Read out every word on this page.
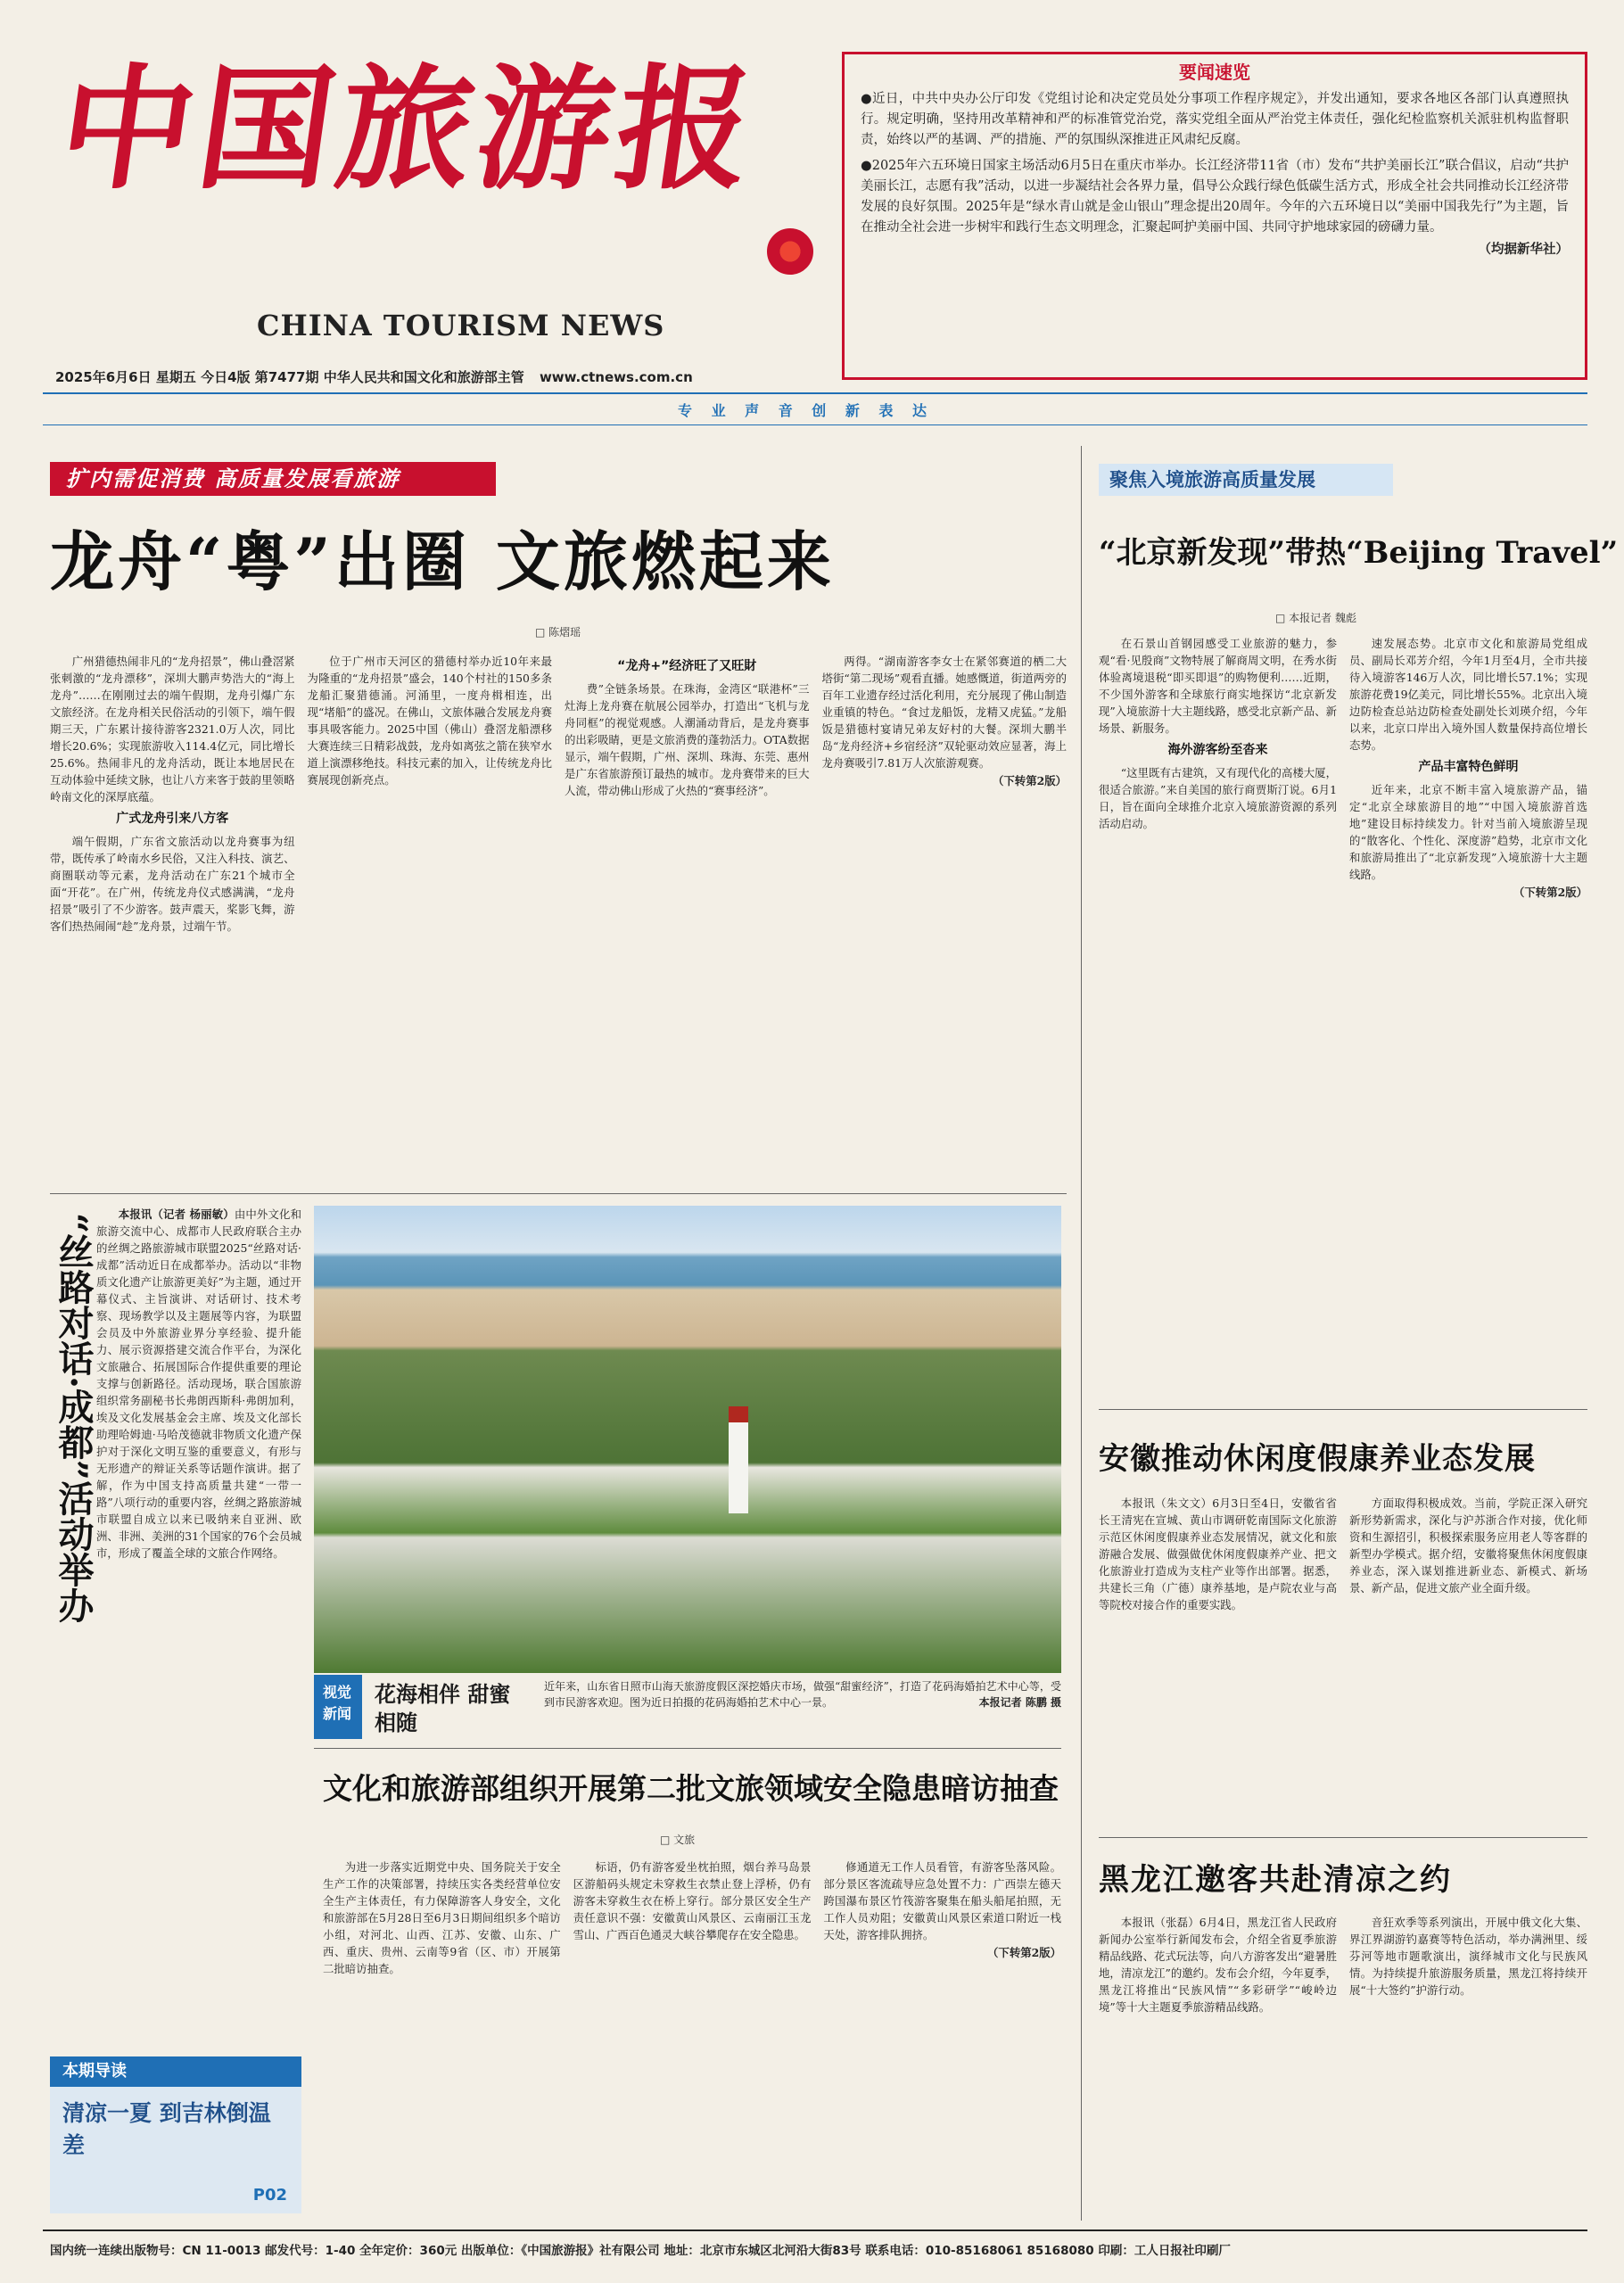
中国旅游报
CHINA TOURISM NEWS
2025年6月6日 星期五 今日4版 第7477期 中华人民共和国文化和旅游部主管 www.ctnews.com.cn
要闻速览

●近日，中共中央办公厅印发《党组讨论和决定党员处分事项工作程序规定》，并发出通知，要求各地区各部门认真遵照执行。规定明确，坚持用改革精神和严的标准管党治党，落实党组全面从严治党主体责任，强化纪检监察机关派驻机构监督职责，始终以严的基调、严的措施、严的氛围纵深推进正风肃纪反腐。

●2025年六五环境日国家主场活动6月5日在重庆市举办。长江经济带11省（市）发布“共护美丽长江”联合倡议，启动“共护美丽长江，志愿有我”活动，以进一步凝结社会各界力量，倡导公众践行绿色低碳生活方式，形成全社会共同推动长江经济带发展的良好氛围。2025年是“绿水青山就是金山银山”理念提出20周年。今年的六五环境日以“美丽中国我先行”为主题，旨在推动全社会进一步树牢和践行生态文明理念，汇聚起呵护美丽中国、共同守护地球家园的磅礴力量。

（均据新华社）
专 业 声 音 创 新 表 达
扩内需促消费 高质量发展看旅游
龙舟“粤”出圈 文旅燃起来
□ 陈熠瑶

广州猎德热闹非凡的“龙舟招景”，佛山叠滘紧张刺激的“龙舟漂移”，深圳大鹏声势浩大的“海上龙舟”……在刚刚过去的端午假期，龙舟引爆广东文旅经济。在龙舟相关民俗活动的引领下，端午假期三天，广东累计接待游客2321.0万人次，同比增长20.6%；实现旅游收入114.4亿元，同比增长25.6%。热闹非凡的龙舟活动，既让本地居民在互动体验中延续文脉，也让八方来客于鼓韵里领略岭南文化的深厚底蕴。

广式龙舟引来八方客

端午假期，广东省文旅活动以龙舟赛事为纽带，既传承了岭南水乡民俗，又注入科技、演艺、商圈联动等元素，龙舟活动在广东21个城市全面“开花”。在广州，传统龙舟仪式感满满，“龙舟招景”吸引了不少游客。鼓声震天，桨影飞舞，游客们热热闹闹“趁”龙舟景，过端午节。

位于广州市天河区的猎德村举办近10年来最为隆重的“龙舟招景”盛会，140个村社的150多条龙船汇聚猎德涌。河涌里，一度舟楫相连，出现“堵船”的盛况。在佛山，文旅体融合发展龙舟赛事具吸客能力。2025中国（佛山）叠滘龙船漂移大赛连续三日精彩战鼓，龙舟如离弦之箭在狭窄水道上演漂移绝技。科技元素的加入，让传统龙舟比赛展现创新亮点。

“龙舟+”经济旺了又旺財

费”全链条场景。在珠海，金湾区“联港杯”三灶海上龙舟赛在航展公园举办，打造出“飞机与龙舟同框”的视觉观感。人潮涌动背后，是龙舟赛事的出彩吸睛，更是文旅消费的蓬勃活力。OTA数据显示，端午假期，广州、深圳、珠海、东莞、惠州是广东省旅游预订最热的城市。龙舟赛带来的巨大人流，带动佛山形成了火热的“赛事经济”。

两得。“湖南游客李女士在紧邻赛道的栖二大塔街“第二现场”观看直播。她感慨道，街道两旁的百年工业遗存经过活化利用，充分展现了佛山制造业重镇的特色。“食过龙船饭，龙精又虎猛。”龙船饭是猎德村宴请兄弟友好村的大餐。深圳大鹏半岛“龙舟经济+乡宿经济”双轮驱动效应显著，海上龙舟赛吸引7.81万人次旅游观赛。

（下转第2版）
“丝路对话·成都”活动举办	本报讯（记者 杨丽敏）由中外文化和旅游交流中心、成都市人民政府联合主办的丝绸之路旅游城市联盟2025“丝路对话·成都”活动近日在成都举办。活动以“非物质文化遗产让旅游更美好”为主题，通过开幕仪式、主旨演讲、对话研讨、技术考察、现场教学以及主题展等内容，为联盟会员及中外旅游业界分享经验、提升能力、展示资源搭建交流合作平台，为深化文旅融合、拓展国际合作提供重要的理论支撑与创新路径。活动现场，联合国旅游组织常务副秘书长弗朗西斯科·弗朗加利，埃及文化发展基金会主席、埃及文化部长助理哈姆迪·马哈茂德就非物质文化遗产保护对于深化文明互鉴的重要意义，有形与无形遗产的辩证关系等话题作演讲。据了解，作为中国支持高质量共建“一带一路”八项行动的重要内容，丝绸之路旅游城市联盟自成立以来已吸纳来自亚洲、欧洲、非洲、美洲的31个国家的76个会员城市，形成了覆盖全球的文旅合作网络。

视觉新闻
花海相伴 甜蜜相随
近年来，山东省日照市山海天旅游度假区深挖婚庆市场，做强“甜蜜经济”，打造了花码海婚拍艺术中心等，受到市民游客欢迎。图为近日拍摄的花码海婚拍艺术中心一景。	本报记者 陈鹏 摄
文化和旅游部组织开展第二批文旅领域安全隐患暗访抽查
□ 文旅

为进一步落实近期党中央、国务院关于安全生产工作的决策部署，持续压实各类经营单位安全生产主体责任，有力保障游客人身安全，文化和旅游部在5月28日至6月3日期间组织多个暗访小组，对河北、山西、江苏、安徽、山东、广西、重庆、贵州、云南等9省（区、市）开展第二批暗访抽查。

标语，仍有游客爱坐枕拍照，烟台养马岛景区游船码头规定未穿救生衣禁止登上浮桥，仍有游客未穿救生衣在桥上穿行。部分景区安全生产责任意识不强：安徽黄山风景区、云南丽江玉龙雪山、广西百色通灵大峡谷攀爬存在安全隐患。

修通道无工作人员看管，有游客坠落风险。部分景区客流疏导应急处置不力：广西崇左德天跨国瀑布景区竹筏游客聚集在船头船尾拍照，无工作人员劝阻；安徽黄山风景区索道口附近一栈天处，游客排队拥挤。

（下转第2版）
本期导读
清凉一夏 到吉林倒温差
P02
聚焦入境旅游高质量发展
“北京新发现”带热“Beijing Travel”
□ 本报记者 魏彪

在石景山首钢园感受工业旅游的魅力，参观“看·见殷商”文物特展了解商周文明，在秀水街体验离境退税“即买即退”的购物便利……近期，不少国外游客和全球旅行商实地探访“北京新发现”入境旅游十大主题线路，感受北京新产品、新场景、新服务。

海外游客纷至沓来

“这里既有古建筑，又有现代化的高楼大厦，很适合旅游。”来自美国的旅行商贾斯汀说。6月1日，旨在面向全球推介北京入境旅游资源的系列活动启动。

速发展态势。北京市文化和旅游局党组成员、副局长邓芳介绍，今年1月至4月，全市共接待入境游客146万人次，同比增长57.1%；实现旅游花费19亿美元，同比增长55%。北京出入境边防检查总站边防检查处副处长刘瑛介绍，今年以来，北京口岸出入境外国人数量保持高位增长态势。

产品丰富特色鲜明

近年来，北京不断丰富入境旅游产品，锚定“北京全球旅游目的地”“中国入境旅游首选地”建设目标持续发力。针对当前入境旅游呈现的“散客化、个性化、深度游”趋势，北京市文化和旅游局推出了“北京新发现”入境旅游十大主题线路。

（下转第2版）
安徽推动休闲度假康养业态发展

本报讯（朱文文）6月3日至4日，安徽省省长王清宪在宣城、黄山市调研乾南国际文化旅游示范区休闲度假康养业态发展情况，就文化和旅游融合发展、做强做优休闲度假康养产业、把文化旅游业打造成为支柱产业等作出部署。据悉，共建长三角（广德）康养基地，是卢院农业与高等院校对接合作的重要实践。

方面取得积极成效。当前，学院正深入研究新形势新需求，深化与沪苏浙合作对接，优化师资和生源招引，积极探索服务应用老人等客群的新型办学模式。据介绍，安徽将聚焦休闲度假康养业态，深入谋划推进新业态、新模式、新场景、新产品，促进文旅产业全面升级。

黑龙江邀客共赴清凉之约

本报讯（张磊）6月4日，黑龙江省人民政府新闻办公室举行新闻发布会，介绍全省夏季旅游精品线路、花式玩法等，向八方游客发出“避暑胜地，清凉龙江”的邀约。发布会介绍，今年夏季，黑龙江将推出“民族风情”“多彩研学”“峻岭边境”等十大主题夏季旅游精品线路。

音狂欢季等系列演出，开展中俄文化大集、界江界湖游钓嘉赛等特色活动，举办满洲里、绥芬河等地市题歌演出，演绎城市文化与民族风情。为持续提升旅游服务质量，黑龙江将持续开展“十大签约”护游行动。

国内统一连续出版物号：CN 11-0013 邮发代号：1-40 全年定价：360元 出版单位：《中国旅游报》社有限公司 地址：北京市东城区北河沿大街83号 联系电话：010-85168061 85168080 印刷：工人日报社印刷厂
